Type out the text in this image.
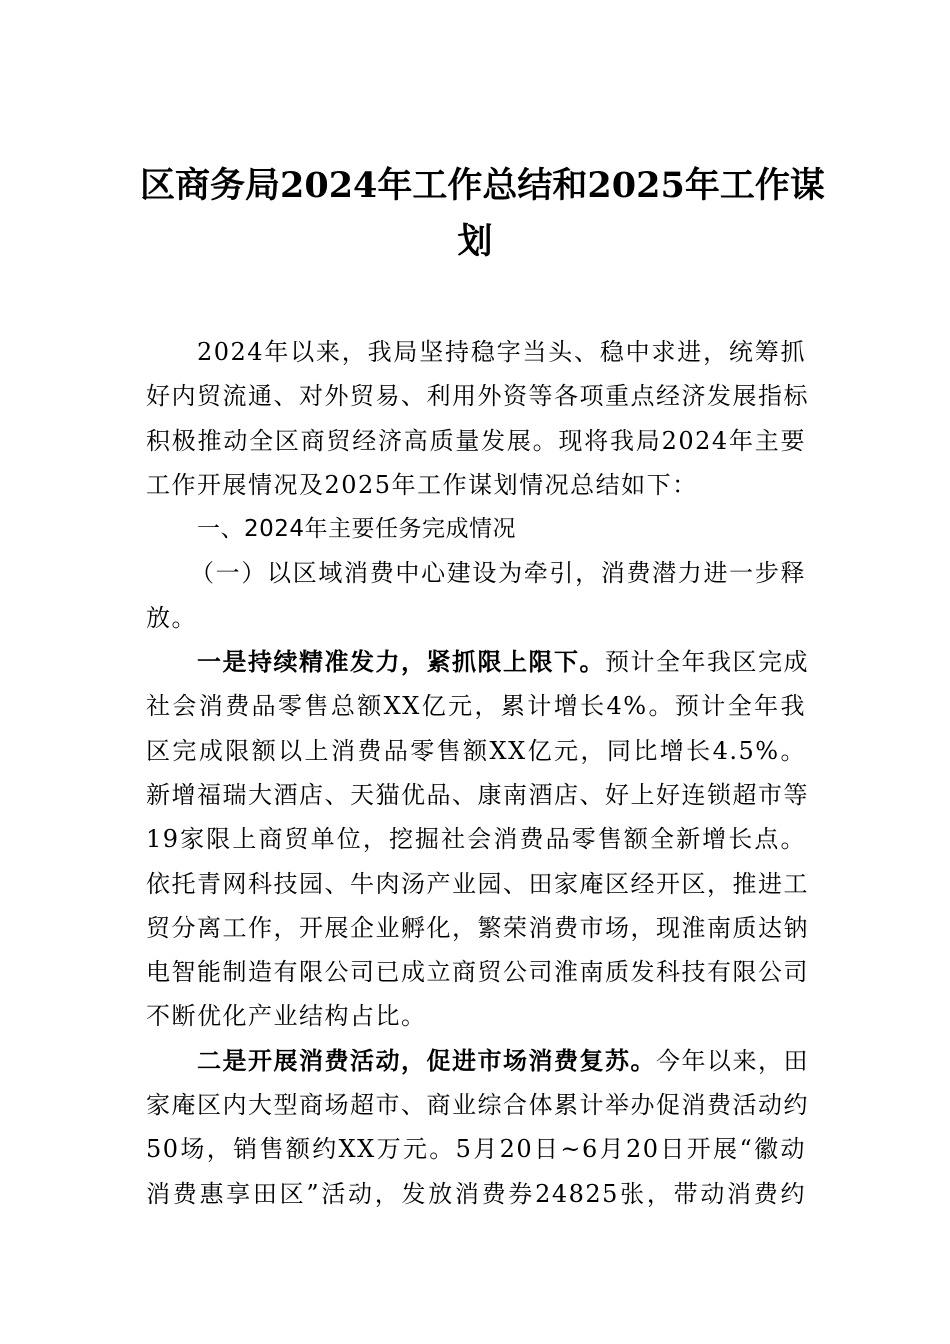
区商务局2024年工作总结和2025年工作谋
划
2024年以来，我局坚持稳字当头、稳中求进，统筹抓
好内贸流通、对外贸易、利用外资等各项重点经济发展指标
积极推动全区商贸经济高质量发展。现将我局2024年主要
工作开展情况及2025年工作谋划情况总结如下：
一、2024年主要任务完成情况
（一）以区域消费中心建设为牵引，消费潜力进一步释
放。
一是持续精准发力，紧抓限上限下。预计全年我区完成
社会消费品零售总额XX亿元，累计增长4%。预计全年我
区完成限额以上消费品零售额XX亿元，同比增长4.5%。
新增福瑞大酒店、天猫优品、康南酒店、好上好连锁超市等
19家限上商贸单位，挖掘社会消费品零售额全新增长点。
依托青网科技园、牛肉汤产业园、田家庵区经开区，推进工
贸分离工作，开展企业孵化，繁荣消费市场，现淮南质达钠
电智能制造有限公司已成立商贸公司淮南质发科技有限公司
不断优化产业结构占比。
二是开展消费活动，促进市场消费复苏。今年以来，田
家庵区内大型商场超市、商业综合体累计举办促消费活动约
50场，销售额约XX万元。5月20日~6月20日开展“徽动
消费惠享田区”活动，发放消费券24825张，带动消费约
